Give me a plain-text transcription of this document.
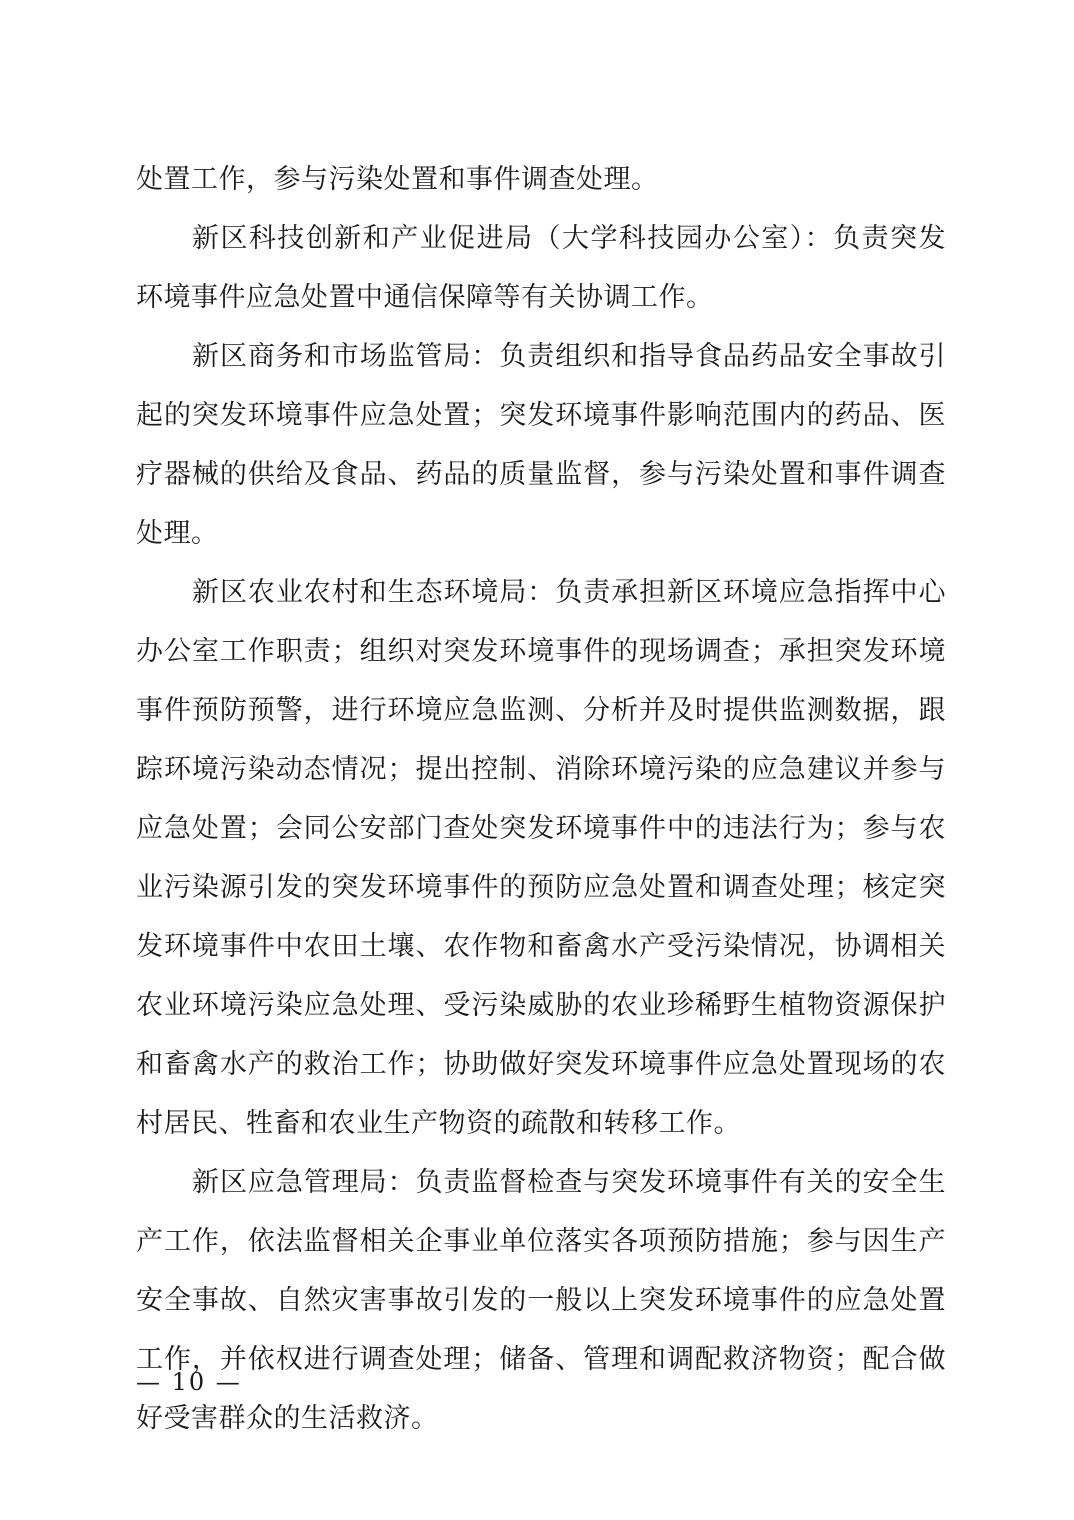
处置工作，参与污染处置和事件调查处理。

新区科技创新和产业促进局（大学科技园办公室）：负责突发环境事件应急处置中通信保障等有关协调工作。

新区商务和市场监管局：负责组织和指导食品药品安全事故引起的突发环境事件应急处置；突发环境事件影响范围内的药品、医疗器械的供给及食品、药品的质量监督，参与污染处置和事件调查处理。

新区农业农村和生态环境局：负责承担新区环境应急指挥中心办公室工作职责；组织对突发环境事件的现场调查；承担突发环境事件预防预警，进行环境应急监测、分析并及时提供监测数据，跟踪环境污染动态情况；提出控制、消除环境污染的应急建议并参与应急处置；会同公安部门查处突发环境事件中的违法行为；参与农业污染源引发的突发环境事件的预防应急处置和调查处理；核定突发环境事件中农田土壤、农作物和畜禽水产受污染情况，协调相关农业环境污染应急处理、受污染威胁的农业珍稀野生植物资源保护和畜禽水产的救治工作；协助做好突发环境事件应急处置现场的农村居民、牲畜和农业生产物资的疏散和转移工作。

新区应急管理局：负责监督检查与突发环境事件有关的安全生产工作，依法监督相关企事业单位落实各项预防措施；参与因生产安全事故、自然灾害事故引发的一般以上突发环境事件的应急处置工作，并依权进行调查处理；储备、管理和调配救济物资；配合做好受害群众的生活救济。

— 10 —
